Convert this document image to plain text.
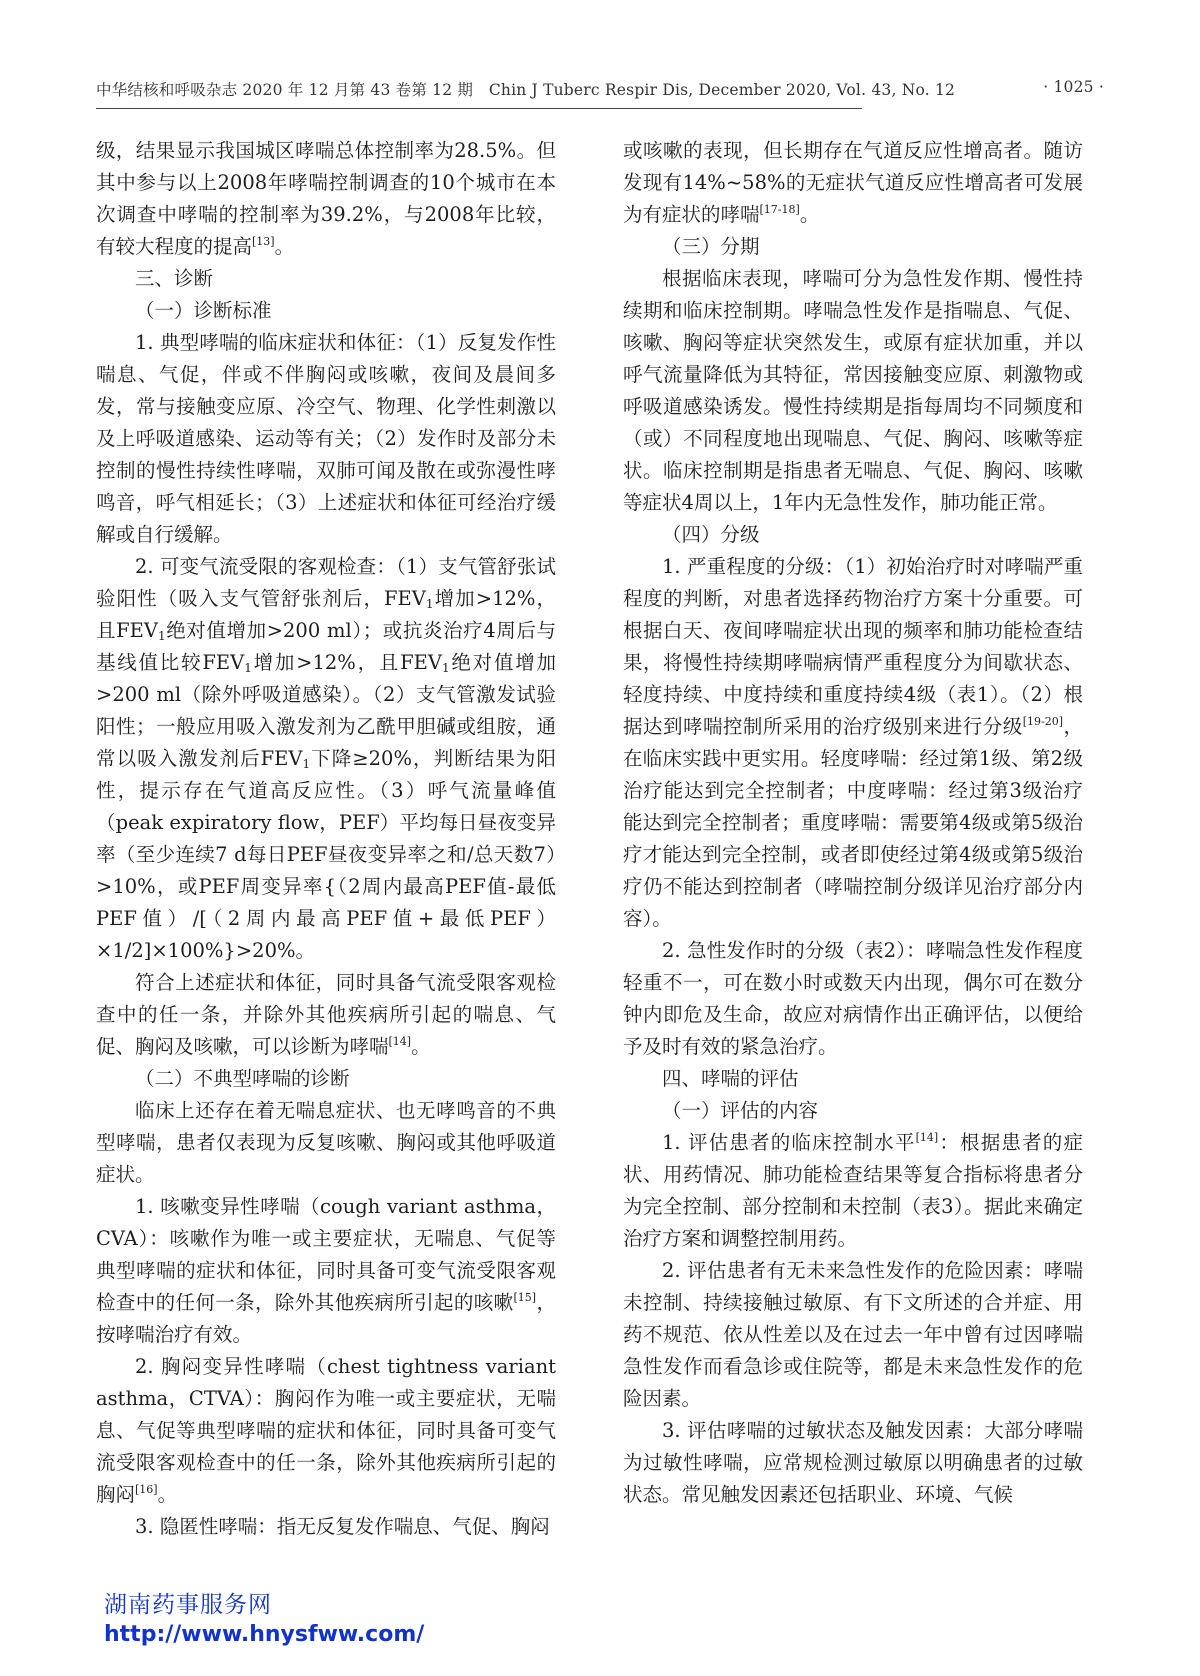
中华结核和呼吸杂志 2020 年 12 月第 43 卷第 12 期　Chin J Tuberc Respir Dis, December 2020, Vol. 43, No. 12	· 1025 ·

级，结果显示我国城区哮喘总体控制率为28.5%。但其中参与以上2008年哮喘控制调查的10个城市在本次调查中哮喘的控制率为39.2%，与2008年比较，有较大程度的提高[13]。

三、诊断

（一）诊断标准

1. 典型哮喘的临床症状和体征：（1）反复发作性喘息、气促，伴或不伴胸闷或咳嗽，夜间及晨间多发，常与接触变应原、冷空气、物理、化学性刺激以及上呼吸道感染、运动等有关；（2）发作时及部分未控制的慢性持续性哮喘，双肺可闻及散在或弥漫性哮鸣音，呼气相延长；（3）上述症状和体征可经治疗缓解或自行缓解。

2. 可变气流受限的客观检查：（1）支气管舒张试验阳性（吸入支气管舒张剂后，$FEV_1$增加>12%，且$FEV_1$绝对值增加>200 ml）；或抗炎治疗4周后与基线值比较$FEV_1$增加>12%，且$FEV_1$绝对值增加>200 ml（除外呼吸道感染）。（2）支气管激发试验阳性；一般应用吸入激发剂为乙酰甲胆碱或组胺，通常以吸入激发剂后$FEV_1$下降≥20%，判断结果为阳性，提示存在气道高反应性。（3）呼气流量峰值（peak expiratory flow，PEF）平均每日昼夜变异率（至少连续7 d每日PEF昼夜变异率之和/总天数7）>10%，或PEF周变异率{（2周内最高PEF值-最低PEF值）/[（2周内最高PEF值+最低PEF）×1/2]×100%}>20%。

符合上述症状和体征，同时具备气流受限客观检查中的任一条，并除外其他疾病所引起的喘息、气促、胸闷及咳嗽，可以诊断为哮喘[14]。

（二）不典型哮喘的诊断

临床上还存在着无喘息症状、也无哮鸣音的不典型哮喘，患者仅表现为反复咳嗽、胸闷或其他呼吸道症状。

1. 咳嗽变异性哮喘（cough variant asthma，CVA）：咳嗽作为唯一或主要症状，无喘息、气促等典型哮喘的症状和体征，同时具备可变气流受限客观检查中的任何一条，除外其他疾病所引起的咳嗽[15]，按哮喘治疗有效。

2. 胸闷变异性哮喘（chest tightness variant asthma，CTVA）：胸闷作为唯一或主要症状，无喘息、气促等典型哮喘的症状和体征，同时具备可变气流受限客观检查中的任一条，除外其他疾病所引起的胸闷[16]。

3. 隐匿性哮喘：指无反复发作喘息、气促、胸闷

或咳嗽的表现，但长期存在气道反应性增高者。随访发现有14%~58%的无症状气道反应性增高者可发展为有症状的哮喘[17-18]。

（三）分期

根据临床表现，哮喘可分为急性发作期、慢性持续期和临床控制期。哮喘急性发作是指喘息、气促、咳嗽、胸闷等症状突然发生，或原有症状加重，并以呼气流量降低为其特征，常因接触变应原、刺激物或呼吸道感染诱发。慢性持续期是指每周均不同频度和（或）不同程度地出现喘息、气促、胸闷、咳嗽等症状。临床控制期是指患者无喘息、气促、胸闷、咳嗽等症状4周以上，1年内无急性发作，肺功能正常。

（四）分级

1. 严重程度的分级：（1）初始治疗时对哮喘严重程度的判断，对患者选择药物治疗方案十分重要。可根据白天、夜间哮喘症状出现的频率和肺功能检查结果，将慢性持续期哮喘病情严重程度分为间歇状态、轻度持续、中度持续和重度持续4级（表1）。（2）根据达到哮喘控制所采用的治疗级别来进行分级[19-20]，在临床实践中更实用。轻度哮喘：经过第1级、第2级治疗能达到完全控制者；中度哮喘：经过第3级治疗能达到完全控制者；重度哮喘：需要第4级或第5级治疗才能达到完全控制，或者即使经过第4级或第5级治疗仍不能达到控制者（哮喘控制分级详见治疗部分内容）。

2. 急性发作时的分级（表2）：哮喘急性发作程度轻重不一，可在数小时或数天内出现，偶尔可在数分钟内即危及生命，故应对病情作出正确评估，以便给予及时有效的紧急治疗。

四、哮喘的评估

（一）评估的内容

1. 评估患者的临床控制水平[14]：根据患者的症状、用药情况、肺功能检查结果等复合指标将患者分为完全控制、部分控制和未控制（表3）。据此来确定治疗方案和调整控制用药。

2. 评估患者有无未来急性发作的危险因素：哮喘未控制、持续接触过敏原、有下文所述的合并症、用药不规范、依从性差以及在过去一年中曾有过因哮喘急性发作而看急诊或住院等，都是未来急性发作的危险因素。

3. 评估哮喘的过敏状态及触发因素：大部分哮喘为过敏性哮喘，应常规检测过敏原以明确患者的过敏状态。常见触发因素还包括职业、环境、气候

湖南药事服务网
http://www.hnysfww.com/
